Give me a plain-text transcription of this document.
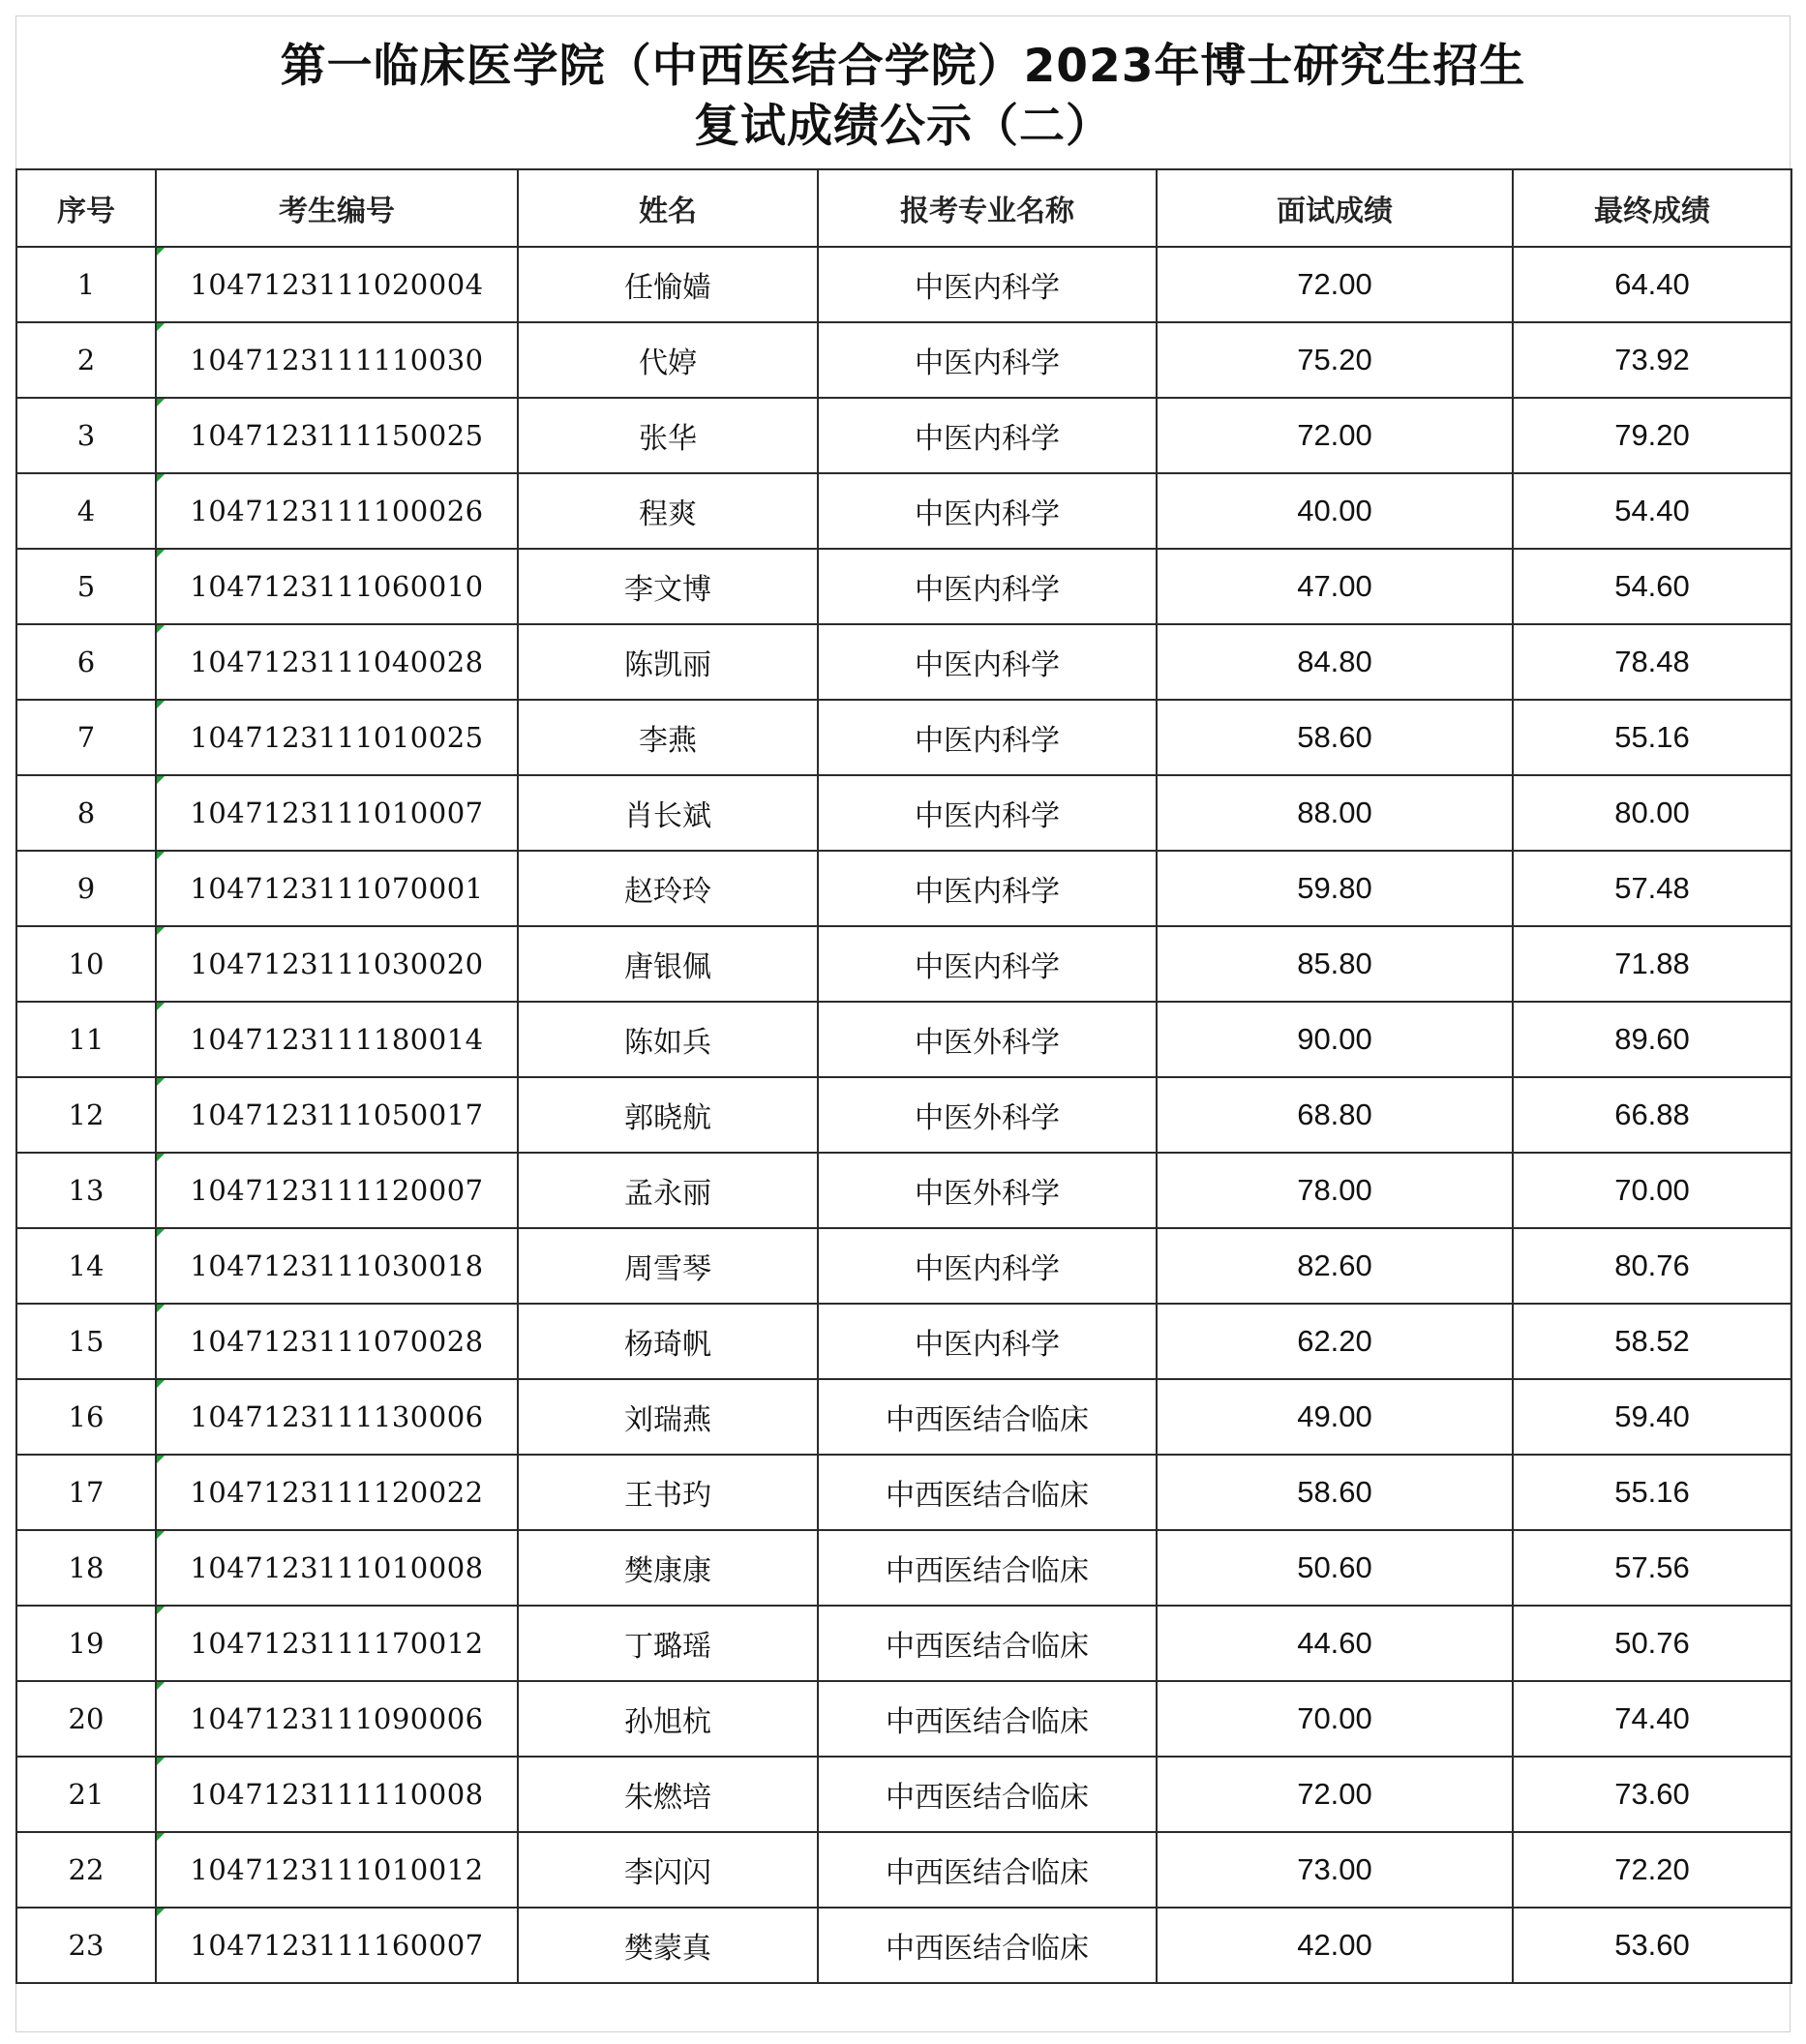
第一临床医学院（中西医结合学院）2023年博士研究生招生
复试成绩公示（二）
序号	考生编号	姓名	报考专业名称	面试成绩	最终成绩
1	1047123111020004	任愉嫱	中医内科学	72.00	64.40
2	1047123111110030	代婷	中医内科学	75.20	73.92
3	1047123111150025	张华	中医内科学	72.00	79.20
4	1047123111100026	程爽	中医内科学	40.00	54.40
5	1047123111060010	李文博	中医内科学	47.00	54.60
6	1047123111040028	陈凯丽	中医内科学	84.80	78.48
7	1047123111010025	李燕	中医内科学	58.60	55.16
8	1047123111010007	肖长斌	中医内科学	88.00	80.00
9	1047123111070001	赵玲玲	中医内科学	59.80	57.48
10	1047123111030020	唐银佩	中医内科学	85.80	71.88
11	1047123111180014	陈如兵	中医外科学	90.00	89.60
12	1047123111050017	郭晓航	中医外科学	68.80	66.88
13	1047123111120007	孟永丽	中医外科学	78.00	70.00
14	1047123111030018	周雪琴	中医内科学	82.60	80.76
15	1047123111070028	杨琦帆	中医内科学	62.20	58.52
16	1047123111130006	刘瑞燕	中西医结合临床	49.00	59.40
17	1047123111120022	王书玓	中西医结合临床	58.60	55.16
18	1047123111010008	樊康康	中西医结合临床	50.60	57.56
19	1047123111170012	丁璐瑶	中西医结合临床	44.60	50.76
20	1047123111090006	孙旭杭	中西医结合临床	70.00	74.40
21	1047123111110008	朱燃培	中西医结合临床	72.00	73.60
22	1047123111010012	李闪闪	中西医结合临床	73.00	72.20
23	1047123111160007	樊蒙真	中西医结合临床	42.00	53.60
